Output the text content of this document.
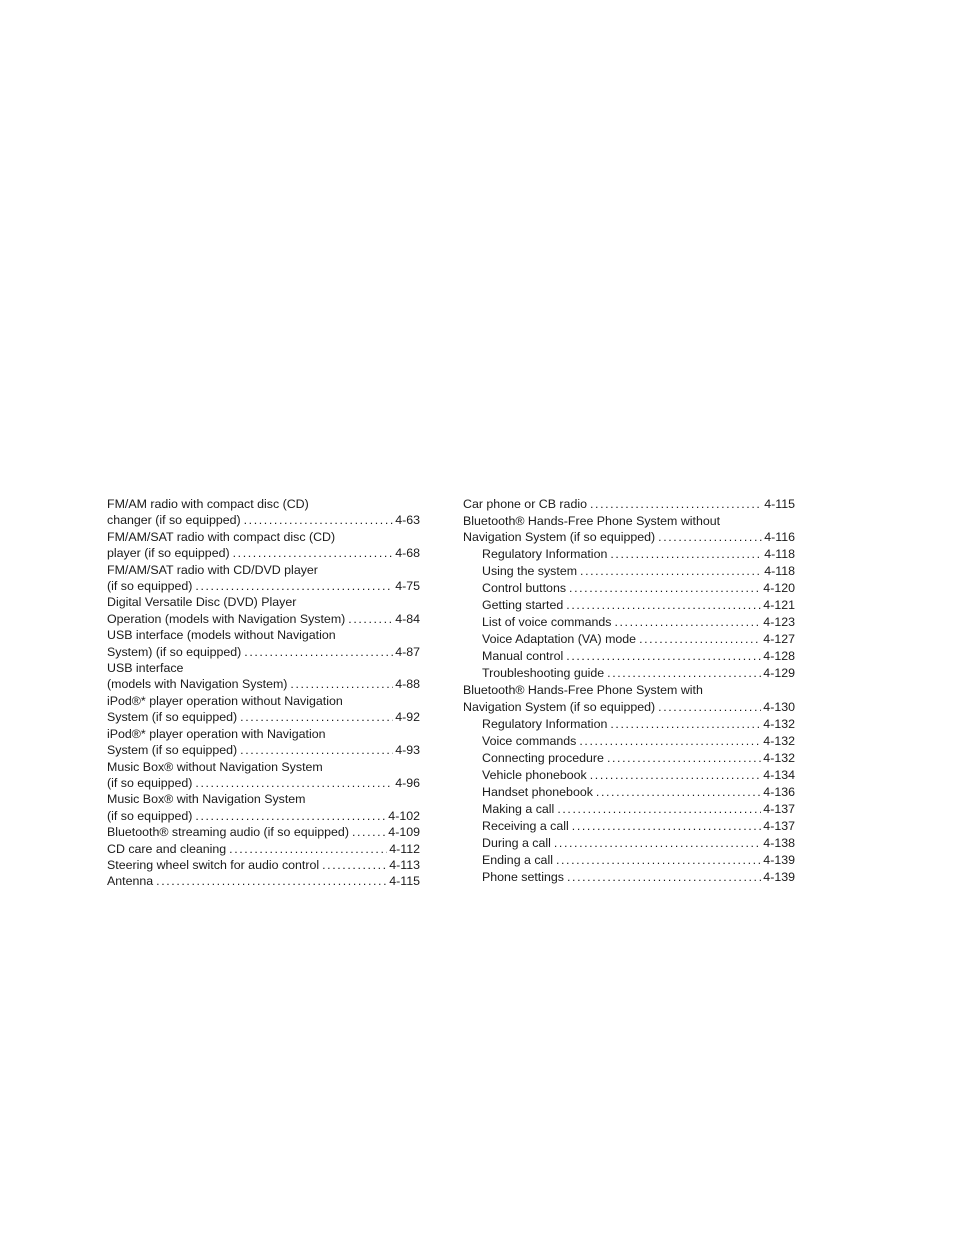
FM/AM radio with compact disc (CD)
changer (if so equipped) .....	4-63
FM/AM/SAT radio with compact disc (CD)
player (if so equipped) .....	4-68
FM/AM/SAT radio with CD/DVD player
(if so equipped) .....	4-75
Digital Versatile Disc (DVD) Player
Operation (models with Navigation System) .....	4-84
USB interface (models without Navigation
System) (if so equipped) .....	4-87
USB interface
(models with Navigation System) .....	4-88
iPod®* player operation without Navigation
System (if so equipped) .....	4-92
iPod®* player operation with Navigation
System (if so equipped) .....	4-93
Music Box® without Navigation System
(if so equipped) .....	4-96
Music Box® with Navigation System
(if so equipped) .....	4-102
Bluetooth® streaming audio (if so equipped) .....	4-109
CD care and cleaning .....	4-112
Steering wheel switch for audio control .....	4-113
Antenna .....	4-115
Car phone or CB radio .....	4-115
Bluetooth® Hands-Free Phone System without
Navigation System (if so equipped) .....	4-116
Regulatory Information .....	4-118
Using the system .....	4-118
Control buttons .....	4-120
Getting started .....	4-121
List of voice commands .....	4-123
Voice Adaptation (VA) mode .....	4-127
Manual control .....	4-128
Troubleshooting guide .....	4-129
Bluetooth® Hands-Free Phone System with
Navigation System (if so equipped) .....	4-130
Regulatory Information .....	4-132
Voice commands .....	4-132
Connecting procedure .....	4-132
Vehicle phonebook .....	4-134
Handset phonebook .....	4-136
Making a call .....	4-137
Receiving a call .....	4-137
During a call .....	4-138
Ending a call .....	4-139
Phone settings .....	4-139
